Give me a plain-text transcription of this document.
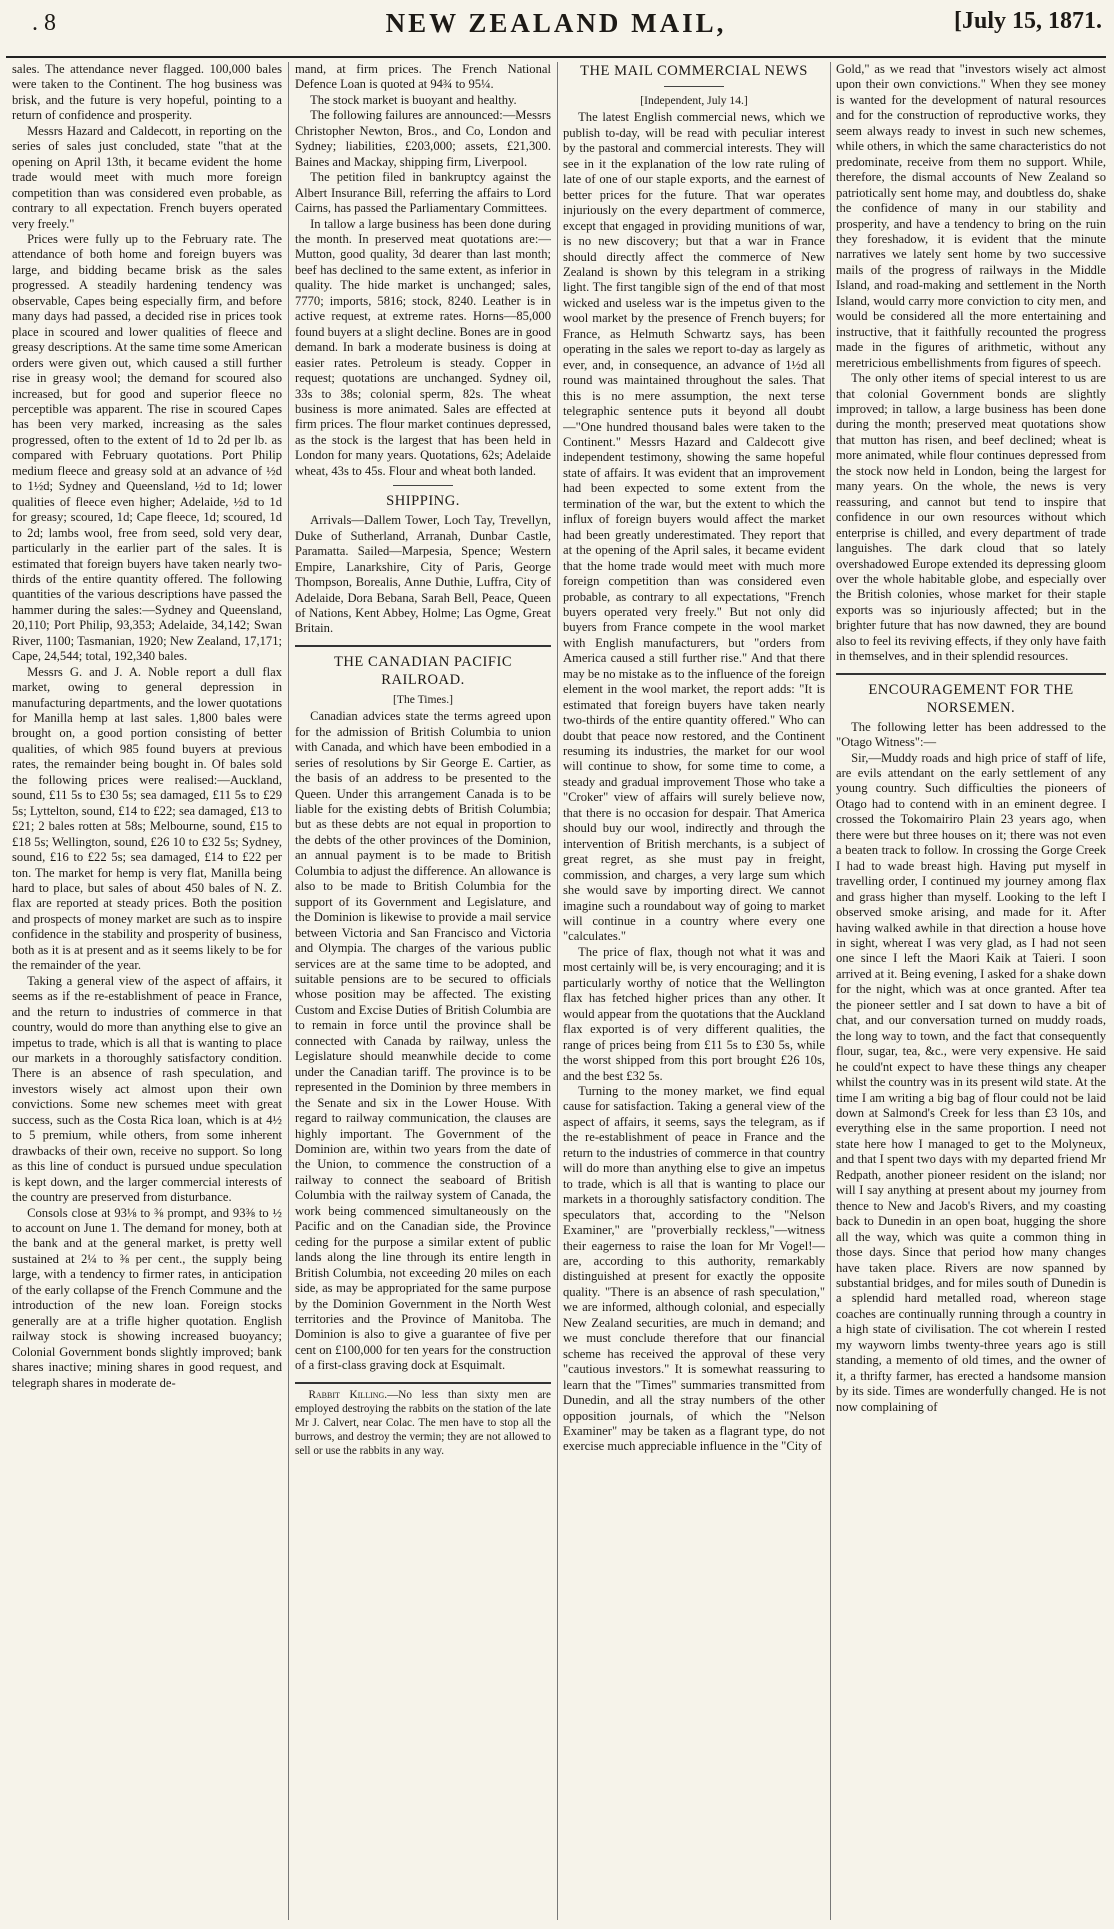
. 8	NEW ZEALAND MAIL,	[July 15, 1871.

sales. The attendance never flagged. 100,000 bales were taken to the Continent. The hog business was brisk, and the future is very hopeful, pointing to a return of confidence and prosperity.

Messrs Hazard and Caldecott, in reporting on the series of sales just concluded, state "that at the opening on April 13th, it became evident the home trade would meet with much more foreign competition than was considered even probable, as contrary to all expectation. French buyers operated very freely."

Prices were fully up to the February rate. The attendance of both home and foreign buyers was large, and bidding became brisk as the sales progressed. A steadily hardening tendency was observable, Capes being especially firm, and before many days had passed, a decided rise in prices took place in scoured and lower qualities of fleece and greasy descriptions. At the same time some American orders were given out, which caused a still further rise in greasy wool; the demand for scoured also increased, but for good and superior fleece no perceptible was apparent. The rise in scoured Capes has been very marked, increasing as the sales progressed, often to the extent of 1d to 2d per lb. as compared with February quotations. Port Philip medium fleece and greasy sold at an advance of ½d to 1½d; Sydney and Queensland, ½d to 1d; lower qualities of fleece even higher; Adelaide, ½d to 1d for greasy; scoured, 1d; Cape fleece, 1d; scoured, 1d to 2d; lambs wool, free from seed, sold very dear, particularly in the earlier part of the sales. It is estimated that foreign buyers have taken nearly two-thirds of the entire quantity offered. The following quantities of the various descriptions have passed the hammer during the sales:—Sydney and Queensland, 20,110; Port Philip, 93,353; Adelaide, 34,142; Swan River, 1100; Tasmanian, 1920; New Zealand, 17,171; Cape, 24,544; total, 192,340 bales.

Messrs G. and J. A. Noble report a dull flax market, owing to general depression in manufacturing departments, and the lower quotations for Manilla hemp at last sales. 1,800 bales were brought on, a good portion consisting of better qualities, of which 985 found buyers at previous rates, the remainder being bought in. Of bales sold the following prices were realised:—Auckland, sound, £11 5s to £30 5s; sea damaged, £11 5s to £29 5s; Lyttelton, sound, £14 to £22; sea damaged, £13 to £21; 2 bales rotten at 58s; Melbourne, sound, £15 to £18 5s; Wellington, sound, £26 10 to £32 5s; Sydney, sound, £16 to £22 5s; sea damaged, £14 to £22 per ton. The market for hemp is very flat, Manilla being hard to place, but sales of about 450 bales of N. Z. flax are reported at steady prices. Both the position and prospects of money market are such as to inspire confidence in the stability and prosperity of business, both as it is at present and as it seems likely to be for the remainder of the year.

Taking a general view of the aspect of affairs, it seems as if the re-establishment of peace in France, and the return to industries of commerce in that country, would do more than anything else to give an impetus to trade, which is all that is wanting to place our markets in a thoroughly satisfactory condition. There is an absence of rash speculation, and investors wisely act almost upon their own convictions. Some new schemes meet with great success, such as the Costa Rica loan, which is at 4½ to 5 premium, while others, from some inherent drawbacks of their own, receive no support. So long as this line of conduct is pursued undue speculation is kept down, and the larger commercial interests of the country are preserved from disturbance.

Consols close at 93⅛ to ⅜ prompt, and 93⅜ to ½ to account on June 1. The demand for money, both at the bank and at the general market, is pretty well sustained at 2¼ to ⅜ per cent., the supply being large, with a tendency to firmer rates, in anticipation of the early collapse of the French Commune and the introduction of the new loan. Foreign stocks generally are at a trifle higher quotation. English railway stock is showing increased buoyancy; Colonial Government bonds slightly improved; bank shares inactive; mining shares in good request, and telegraph shares in moderate de-

mand, at firm prices. The French National Defence Loan is quoted at 94¾ to 95¼.

The stock market is buoyant and healthy.

The following failures are announced:—Messrs Christopher Newton, Bros., and Co, London and Sydney; liabilities, £203,000; assets, £21,300. Baines and Mackay, shipping firm, Liverpool.

The petition filed in bankruptcy against the Albert Insurance Bill, referring the affairs to Lord Cairns, has passed the Parliamentary Committees.

In tallow a large business has been done during the month. In preserved meat quotations are:—Mutton, good quality, 3d dearer than last month; beef has declined to the same extent, as inferior in quality. The hide market is unchanged; sales, 7770; imports, 5816; stock, 8240. Leather is in active request, at extreme rates. Horns—85,000 found buyers at a slight decline. Bones are in good demand. In bark a moderate business is doing at easier rates. Petroleum is steady. Copper in request; quotations are unchanged. Sydney oil, 33s to 38s; colonial sperm, 82s. The wheat business is more animated. Sales are effected at firm prices. The flour market continues depressed, as the stock is the largest that has been held in London for many years. Quotations, 62s; Adelaide wheat, 43s to 45s. Flour and wheat both landed.

SHIPPING.

Arrivals—Dallem Tower, Loch Tay, Trevellyn, Duke of Sutherland, Arranah, Dunbar Castle, Paramatta. Sailed—Marpesia, Spence; Western Empire, Lanarkshire, City of Paris, George Thompson, Borealis, Anne Duthie, Luffra, City of Adelaide, Dora Bebana, Sarah Bell, Peace, Queen of Nations, Kent Abbey, Holme; Las Ogme, Great Britain.

THE CANADIAN PACIFIC RAILROAD.

[The Times.]

Canadian advices state the terms agreed upon for the admission of British Columbia to union with Canada, and which have been embodied in a series of resolutions by Sir George E. Cartier, as the basis of an address to be presented to the Queen. Under this arrangement Canada is to be liable for the existing debts of British Columbia; but as these debts are not equal in proportion to the debts of the other provinces of the Dominion, an annual payment is to be made to British Columbia to adjust the difference. An allowance is also to be made to British Columbia for the support of its Government and Legislature, and the Dominion is likewise to provide a mail service between Victoria and San Francisco and Victoria and Olympia. The charges of the various public services are at the same time to be adopted, and suitable pensions are to be secured to officials whose position may be affected. The existing Custom and Excise Duties of British Columbia are to remain in force until the province shall be connected with Canada by railway, unless the Legislature should meanwhile decide to come under the Canadian tariff. The province is to be represented in the Dominion by three members in the Senate and six in the Lower House. With regard to railway communication, the clauses are highly important. The Government of the Dominion are, within two years from the date of the Union, to commence the construction of a railway to connect the seaboard of British Columbia with the railway system of Canada, the work being commenced simultaneously on the Pacific and on the Canadian side, the Province ceding for the purpose a similar extent of public lands along the line through its entire length in British Columbia, not exceeding 20 miles on each side, as may be appropriated for the same purpose by the Dominion Government in the North West territories and the Province of Manitoba. The Dominion is also to give a guarantee of five per cent on £100,000 for ten years for the construction of a first-class graving dock at Esquimalt.

Rabbit Killing.—No less than sixty men are employed destroying the rabbits on the station of the late Mr J. Calvert, near Colac. The men have to stop all the burrows, and destroy the vermin; they are not allowed to sell or use the rabbits in any way.

THE MAIL COMMERCIAL NEWS

[Independent, July 14.]

The latest English commercial news, which we publish to-day, will be read with peculiar interest by the pastoral and commercial interests. They will see in it the explanation of the low rate ruling of late of one of our staple exports, and the earnest of better prices for the future. That war operates injuriously on the every department of commerce, except that engaged in providing munitions of war, is no new discovery; but that a war in France should directly affect the commerce of New Zealand is shown by this telegram in a striking light. The first tangible sign of the end of that most wicked and useless war is the impetus given to the wool market by the presence of French buyers; for France, as Helmuth Schwartz says, has been operating in the sales we report to-day as largely as ever, and, in consequence, an advance of 1½d all round was maintained throughout the sales. That this is no mere assumption, the next terse telegraphic sentence puts it beyond all doubt—"One hundred thousand bales were taken to the Continent." Messrs Hazard and Caldecott give independent testimony, showing the same hopeful state of affairs. It was evident that an improvement had been expected to some extent from the termination of the war, but the extent to which the influx of foreign buyers would affect the market had been greatly underestimated. They report that at the opening of the April sales, it became evident that the home trade would meet with much more foreign competition than was considered even probable, as contrary to all expectations, "French buyers operated very freely." But not only did buyers from France compete in the wool market with English manufacturers, but "orders from America caused a still further rise." And that there may be no mistake as to the influence of the foreign element in the wool market, the report adds: "It is estimated that foreign buyers have taken nearly two-thirds of the entire quantity offered." Who can doubt that peace now restored, and the Continent resuming its industries, the market for our wool will continue to show, for some time to come, a steady and gradual improvement Those who take a "Croker" view of affairs will surely believe now, that there is no occasion for despair. That America should buy our wool, indirectly and through the intervention of British merchants, is a subject of great regret, as she must pay in freight, commission, and charges, a very large sum which she would save by importing direct. We cannot imagine such a roundabout way of going to market will continue in a country where every one "calculates."

The price of flax, though not what it was and most certainly will be, is very encouraging; and it is particularly worthy of notice that the Wellington flax has fetched higher prices than any other. It would appear from the quotations that the Auckland flax exported is of very different qualities, the range of prices being from £11 5s to £30 5s, while the worst shipped from this port brought £26 10s, and the best £32 5s.

Turning to the money market, we find equal cause for satisfaction. Taking a general view of the aspect of affairs, it seems, says the telegram, as if the re-establishment of peace in France and the return to the industries of commerce in that country will do more than anything else to give an impetus to trade, which is all that is wanting to place our markets in a thoroughly satisfactory condition. The speculators that, according to the "Nelson Examiner," are "proverbially reckless,"—witness their eagerness to raise the loan for Mr Vogel!—are, according to this authority, remarkably distinguished at present for exactly the opposite quality. "There is an absence of rash speculation," we are informed, although colonial, and especially New Zealand securities, are much in demand; and we must conclude therefore that our financial scheme has received the approval of these very "cautious investors." It is somewhat reassuring to learn that the "Times" summaries transmitted from Dunedin, and all the stray numbers of the other opposition journals, of which the "Nelson Examiner" may be taken as a flagrant type, do not exercise much appreciable influence in the "City of

Gold," as we read that "investors wisely act almost upon their own convictions." When they see money is wanted for the development of natural resources and for the construction of reproductive works, they seem always ready to invest in such new schemes, while others, in which the same characteristics do not predominate, receive from them no support. While, therefore, the dismal accounts of New Zealand so patriotically sent home may, and doubtless do, shake the confidence of many in our stability and prosperity, and have a tendency to bring on the ruin they foreshadow, it is evident that the minute narratives we lately sent home by two successive mails of the progress of railways in the Middle Island, and road-making and settlement in the North Island, would carry more conviction to city men, and would be considered all the more entertaining and instructive, that it faithfully recounted the progress made in the figures of arithmetic, without any meretricious embellishments from figures of speech.

The only other items of special interest to us are that colonial Government bonds are slightly improved; in tallow, a large business has been done during the month; preserved meat quotations show that mutton has risen, and beef declined; wheat is more animated, while flour continues depressed from the stock now held in London, being the largest for many years. On the whole, the news is very reassuring, and cannot but tend to inspire that confidence in our own resources without which enterprise is chilled, and every department of trade languishes. The dark cloud that so lately overshadowed Europe extended its depressing gloom over the whole habitable globe, and especially over the British colonies, whose market for their staple exports was so injuriously affected; but in the brighter future that has now dawned, they are bound also to feel its reviving effects, if they only have faith in themselves, and in their splendid resources.

ENCOURAGEMENT FOR THE NORSEMEN.

The following letter has been addressed to the "Otago Witness":—

Sir,—Muddy roads and high price of staff of life, are evils attendant on the early settlement of any young country. Such difficulties the pioneers of Otago had to contend with in an eminent degree. I crossed the Tokomairiro Plain 23 years ago, when there were but three houses on it; there was not even a beaten track to follow. In crossing the Gorge Creek I had to wade breast high. Having put myself in travelling order, I continued my journey among flax and grass higher than myself. Looking to the left I observed smoke arising, and made for it. After having walked awhile in that direction a house hove in sight, whereat I was very glad, as I had not seen one since I left the Maori Kaik at Taieri. I soon arrived at it. Being evening, I asked for a shake down for the night, which was at once granted. After tea the pioneer settler and I sat down to have a bit of chat, and our conversation turned on muddy roads, the long way to town, and the fact that consequently flour, sugar, tea, &c., were very expensive. He said he could'nt expect to have these things any cheaper whilst the country was in its present wild state. At the time I am writing a big bag of flour could not be laid down at Salmond's Creek for less than £3 10s, and everything else in the same proportion. I need not state here how I managed to get to the Molyneux, and that I spent two days with my departed friend Mr Redpath, another pioneer resident on the island; nor will I say anything at present about my journey from thence to New and Jacob's Rivers, and my coasting back to Dunedin in an open boat, hugging the shore all the way, which was quite a common thing in those days. Since that period how many changes have taken place. Rivers are now spanned by substantial bridges, and for miles south of Dunedin is a splendid hard metalled road, whereon stage coaches are continually running through a country in a high state of civilisation. The cot wherein I rested my wayworn limbs twenty-three years ago is still standing, a memento of old times, and the owner of it, a thrifty farmer, has erected a handsome mansion by its side. Times are wonderfully changed. He is not now complaining of
